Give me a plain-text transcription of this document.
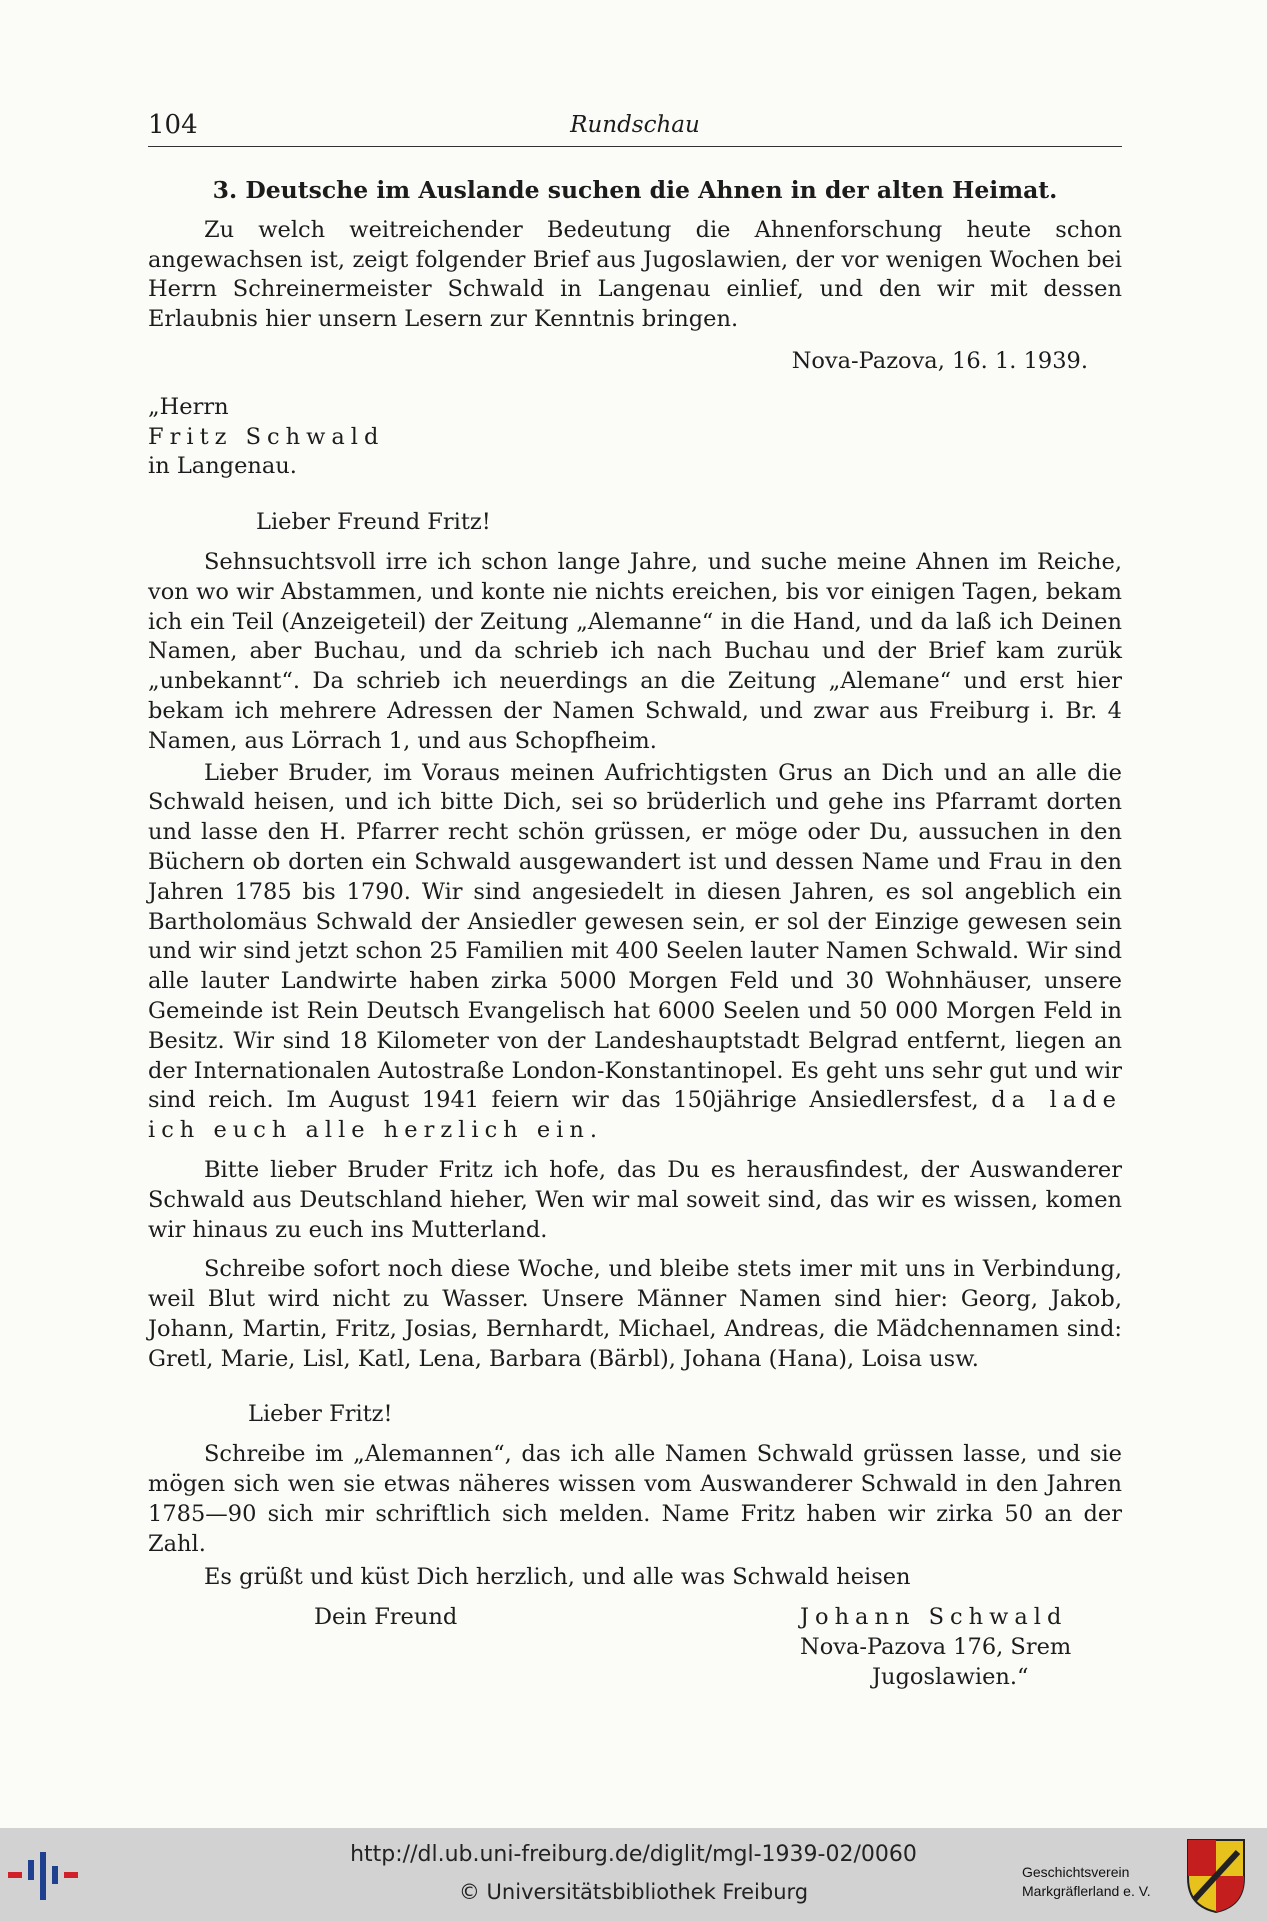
104	Rundschau
3. Deutsche im Auslande suchen die Ahnen in der alten Heimat.

Zu welch weitreichender Bedeutung die Ahnenforschung heute schon angewachsen ist, zeigt folgender Brief aus Jugoslawien, der vor wenigen Wochen bei Herrn Schreinermeister Schwald in Langenau einlief, und den wir mit dessen Erlaubnis hier unsern Lesern zur Kenntnis bringen.

Nova-Pazova, 16. 1. 1939.
„Herrn
Fritz Schwald
in Langenau.
Lieber Freund Fritz!

Sehnsuchtsvoll irre ich schon lange Jahre, und suche meine Ahnen im Reiche, von wo wir Abstammen, und konte nie nichts ereichen, bis vor einigen Tagen, bekam ich ein Teil (Anzeigeteil) der Zeitung „Alemanne“ in die Hand, und da laß ich Deinen Namen, aber Buchau, und da schrieb ich nach Buchau und der Brief kam zurük „unbekannt“. Da schrieb ich neuerdings an die Zeitung „Alemane“ und erst hier bekam ich mehrere Adressen der Namen Schwald, und zwar aus Freiburg i. Br. 4 Namen, aus Lörrach 1, und aus Schopfheim.

Lieber Bruder, im Voraus meinen Aufrichtigsten Grus an Dich und an alle die Schwald heisen, und ich bitte Dich, sei so brüderlich und gehe ins Pfarramt dorten und lasse den H. Pfarrer recht schön grüssen, er möge oder Du, aussuchen in den Büchern ob dorten ein Schwald ausgewandert ist und dessen Name und Frau in den Jahren 1785 bis 1790. Wir sind angesiedelt in diesen Jahren, es sol angeblich ein Bartholomäus Schwald der Ansiedler gewesen sein, er sol der Einzige gewesen sein und wir sind jetzt schon 25 Familien mit 400 Seelen lauter Namen Schwald. Wir sind alle lauter Landwirte haben zirka 5000 Morgen Feld und 30 Wohnhäuser, unsere Gemeinde ist Rein Deutsch Evangelisch hat 6000 Seelen und 50 000 Morgen Feld in Besitz. Wir sind 18 Kilometer von der Landeshauptstadt Belgrad entfernt, liegen an der Internationalen Autostraße London-Konstantinopel. Es geht uns sehr gut und wir sind reich. Im August 1941 feiern wir das 150jährige Ansiedlersfest, da lade ich euch alle herzlich ein.

Bitte lieber Bruder Fritz ich hofe, das Du es herausfindest, der Auswanderer Schwald aus Deutschland hieher, Wen wir mal soweit sind, das wir es wissen, komen wir hinaus zu euch ins Mutterland.

Schreibe sofort noch diese Woche, und bleibe stets imer mit uns in Verbindung, weil Blut wird nicht zu Wasser. Unsere Männer Namen sind hier: Georg, Jakob, Johann, Martin, Fritz, Josias, Bernhardt, Michael, Andreas, die Mädchennamen sind: Gretl, Marie, Lisl, Katl, Lena, Barbara (Bärbl), Johana (Hana), Loisa usw.

Lieber Fritz!

Schreibe im „Alemannen“, das ich alle Namen Schwald grüssen lasse, und sie mögen sich wen sie etwas näheres wissen vom Auswanderer Schwald in den Jahren 1785—90 sich mir schriftlich sich melden. Name Fritz haben wir zirka 50 an der Zahl.

Es grüßt und küst Dich herzlich, und alle was Schwald heisen
Dein Freund	Johann Schwald
Nova-Pazova 176, Srem
Jugoslawien.“
http://dl.ub.uni-freiburg.de/diglit/mgl-1939-02/0060
© Universitätsbibliothek Freiburg
Geschichtsverein
Markgräflerland e. V.
